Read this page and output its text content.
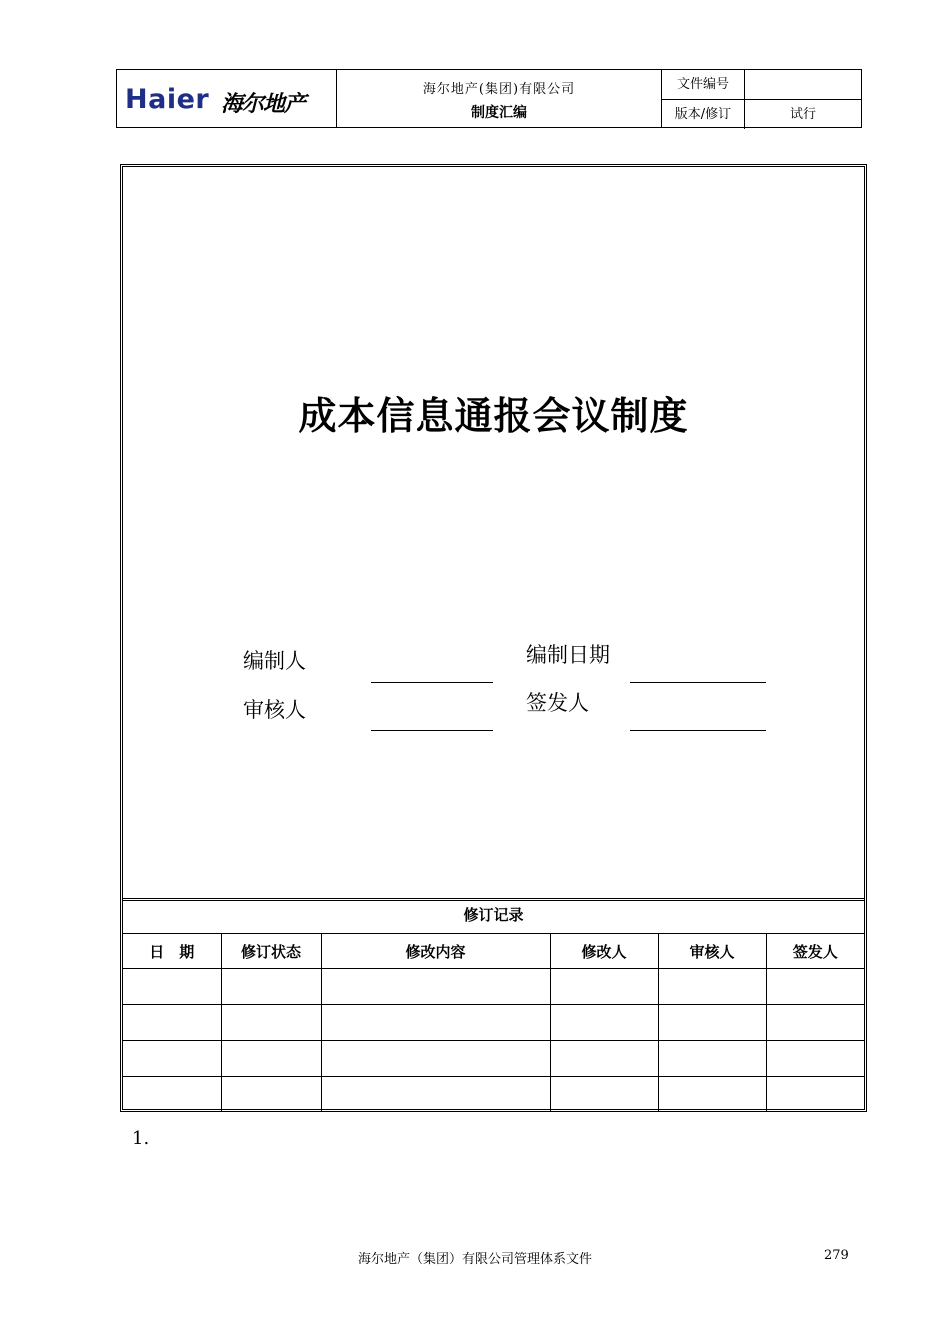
Haier 海尔地产
海尔地产(集团)有限公司
制度汇编
文件编号
版本/修订	试行
成本信息通报会议制度
编制人	编制日期
审核人	签发人
修订记录
日　期	修订状态	修改内容	修改人	审核人	签发人

1.
海尔地产（集团）有限公司管理体系文件	279
